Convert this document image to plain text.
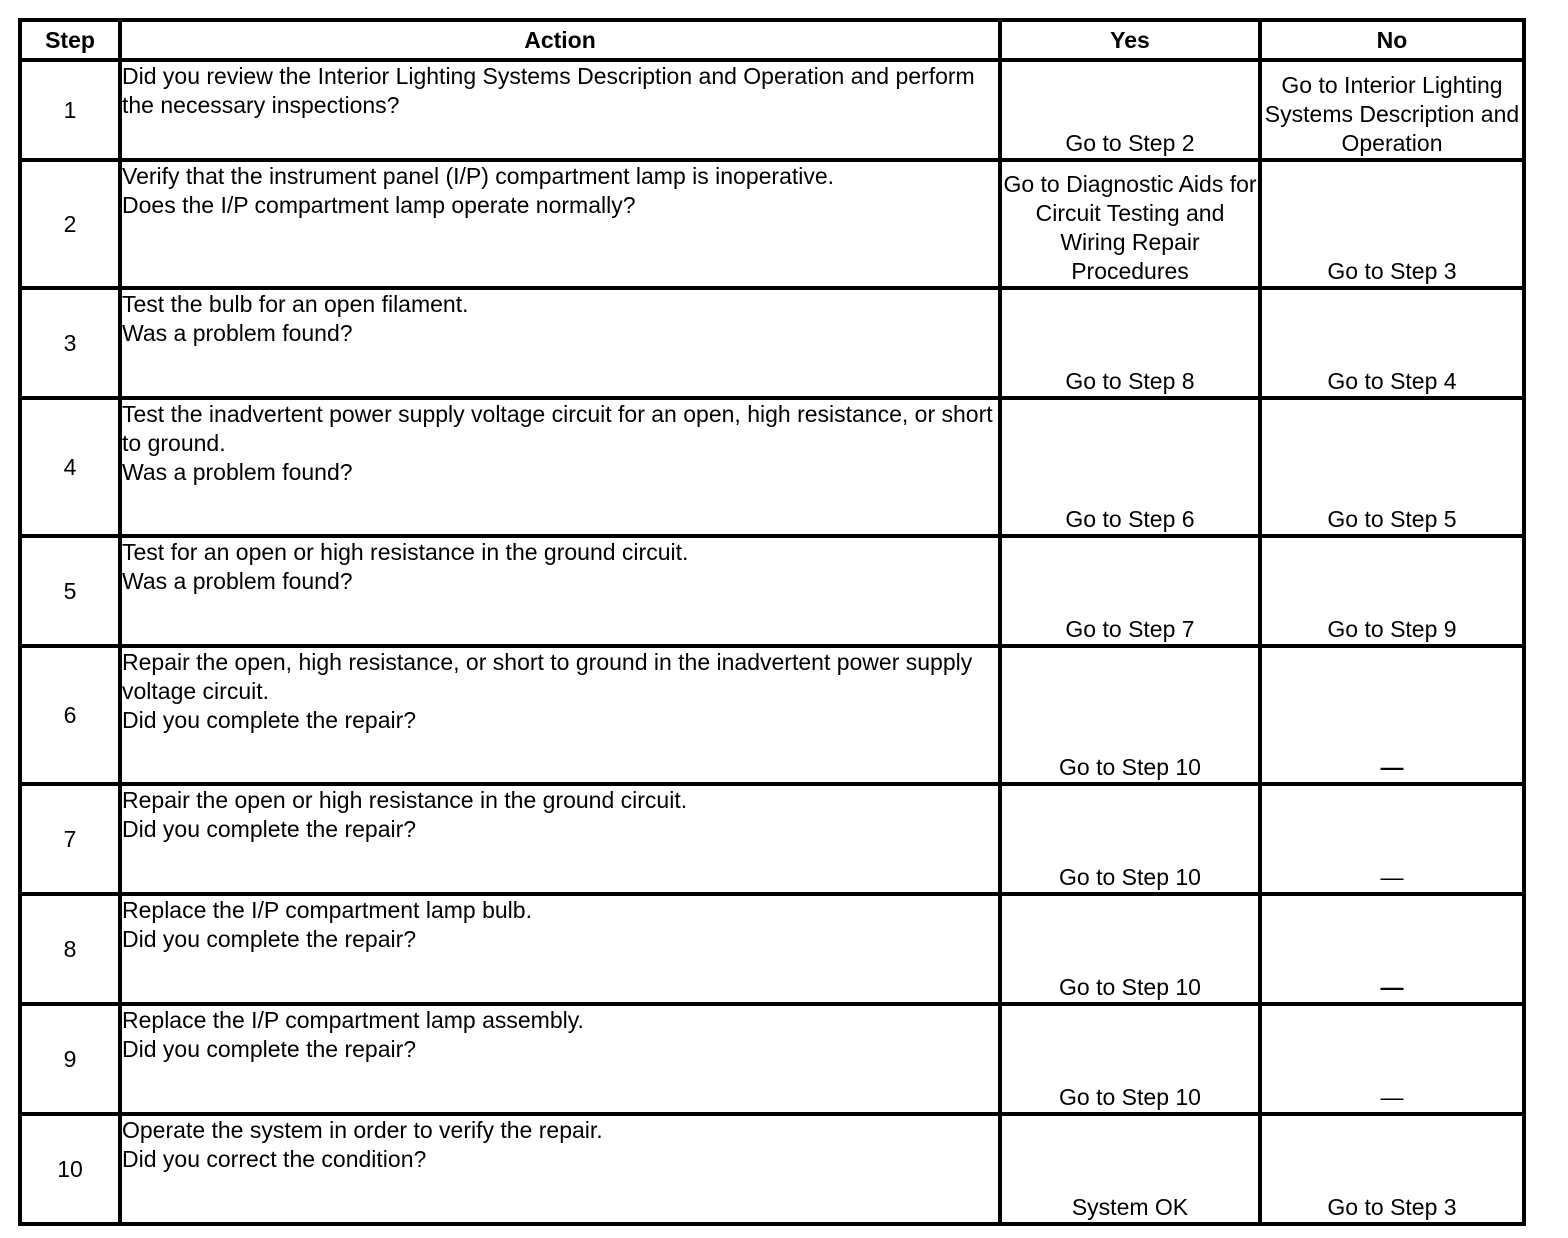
Step	Action	Yes	No
1	Did you review the Interior Lighting Systems Description and Operation and perform the necessary inspections?	Go to Step 2	Go to Interior Lighting Systems Description and Operation
2	Verify that the instrument panel (I/P) compartment lamp is inoperative.
Does the I/P compartment lamp operate normally?	Go to Diagnostic Aids for Circuit Testing and Wiring Repair Procedures	Go to Step 3
3	Test the bulb for an open filament.
Was a problem found?	Go to Step 8	Go to Step 4
4	Test the inadvertent power supply voltage circuit for an open, high resistance, or short to ground.
Was a problem found?	Go to Step 6	Go to Step 5
5	Test for an open or high resistance in the ground circuit.
Was a problem found?	Go to Step 7	Go to Step 9
6	Repair the open, high resistance, or short to ground in the inadvertent power supply voltage circuit.
Did you complete the repair?	Go to Step 10	—
7	Repair the open or high resistance in the ground circuit.
Did you complete the repair?	Go to Step 10	—
8	Replace the I/P compartment lamp bulb.
Did you complete the repair?	Go to Step 10	—
9	Replace the I/P compartment lamp assembly.
Did you complete the repair?	Go to Step 10	—
10	Operate the system in order to verify the repair.
Did you correct the condition?	System OK	Go to Step 3
